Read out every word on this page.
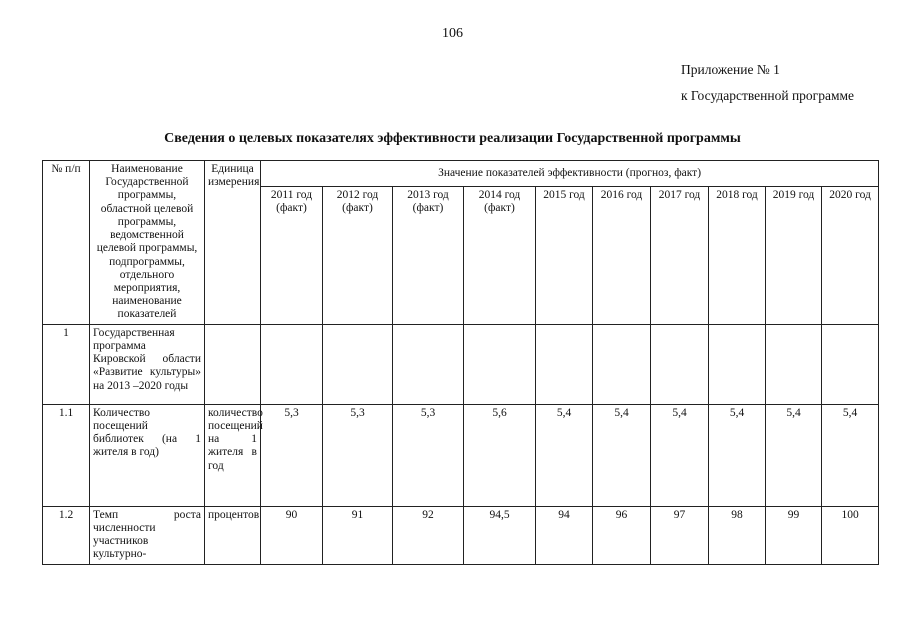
106
Приложение № 1
к Государственной программе
Сведения о целевых показателях эффективности реализации Государственной программы
№ п/п	Наименование Государственной программы, областной целевой программы, ведомственной целевой программы, подпрограммы, отдельного мероприятия, наименование показателей	Единица измерения	Значение показателей эффективности (прогноз, факт)									
			2011 год (факт)	2012 год (факт)	2013 год (факт)	2014 год (факт)	2015 год	2016 год	2017 год	2018 год	2019 год	2020 год
1	Государственная программа Кировской области «Развитие культуры» на 2013 –2020 годы											
1.1	Количество посещений библиотек (на 1 жителя в год)	количество посещений на 1 жителя в год	5,3	5,3	5,3	5,6	5,4	5,4	5,4	5,4	5,4	5,4
1.2	Темп роста численности участников культурно-	процентов	90	91	92	94,5	94	96	97	98	99	100
